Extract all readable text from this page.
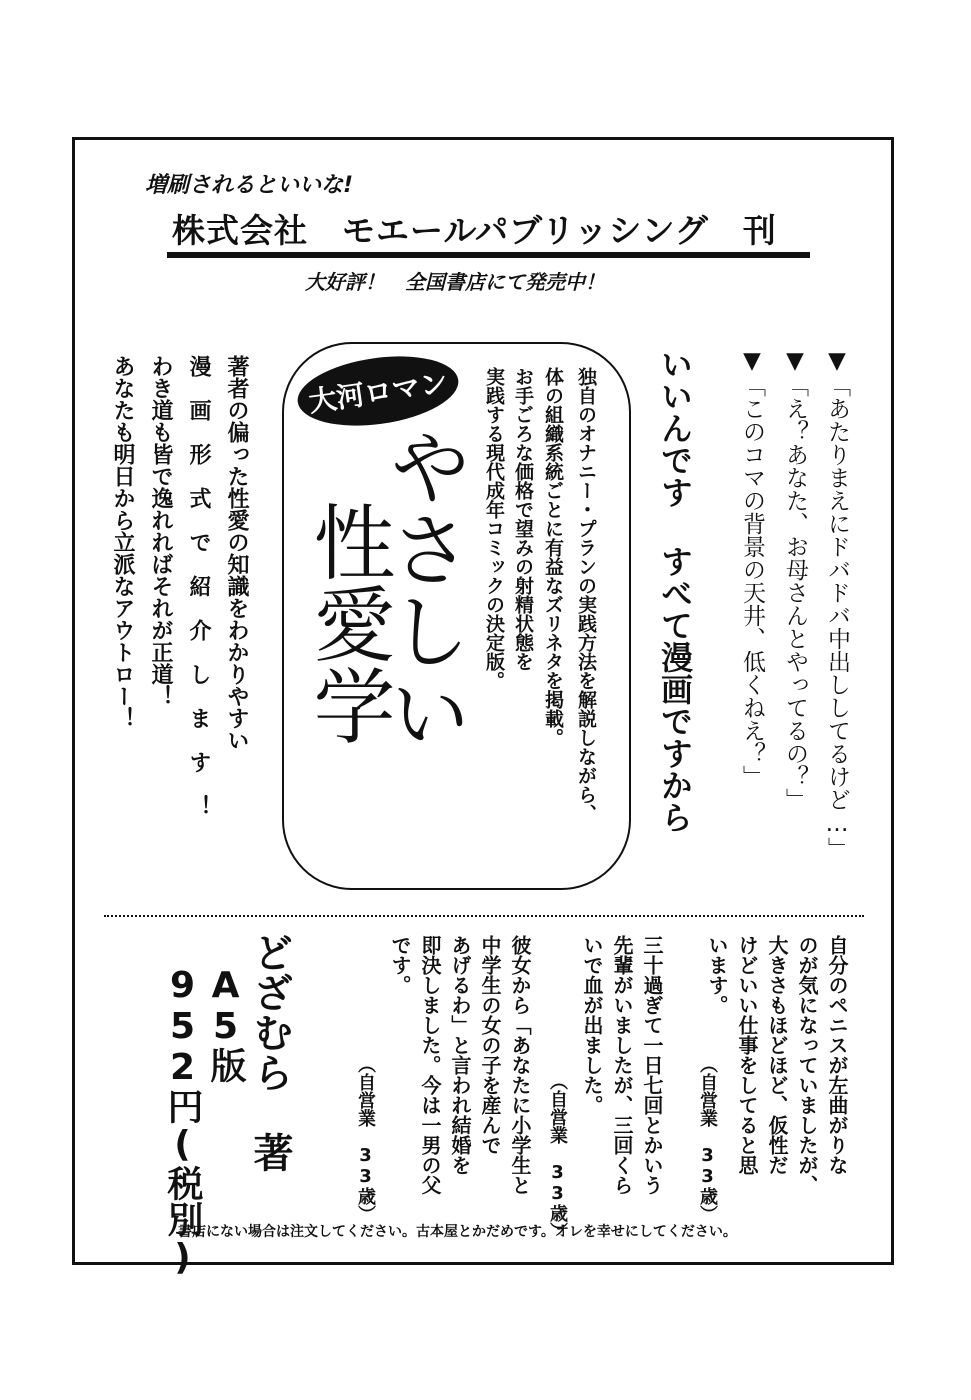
増刷されるといいな!
株式会社　モエールパブリッシング　刊
大好評！　全国書店にて発売中！
▼「あたりまえにドバドバ中出ししてるけど…」
▼「え？あなた、お母さんとやってるの？」
▼「このコマの背景の天井、低くねえ？」
いいんです
すべて漫画ですから
独自のオナニー・プランの実践方法を解説しながら、
体の組織系統ごとに有益なズリネタを掲載。
お手ごろな価格で望みの射精状態を
実践する現代成年コミックの決定版。
大河ロマン
やさしい
性愛学
著者の偏った性愛の知識をわかりやすい
漫　画　形　式　で　紹　介　し　ま　す　！
わき道も皆で逸れればそれが正道！
あなたも明日から立派なアウトロー！
自分のペニスが左曲がりな
のが気になっていましたが、
大きさもほどほど、仮性だ
けどいい仕事をしてると思
います。
（自営業　33歳）
三十過ぎて一日七回とかいう
先輩がいましたが、三回くら
いで血が出ました。
（自営業　33歳）
彼女から「あなたに小学生と
中学生の女の子を産んで
あげるわ」と言われ結婚を
即決しました。今は一男の父
です。
（自営業　33歳）
どざむら　著
A5版
952円(税別)
書店にない場合は注文してください。古本屋とかだめです。オレを幸せにしてください。
